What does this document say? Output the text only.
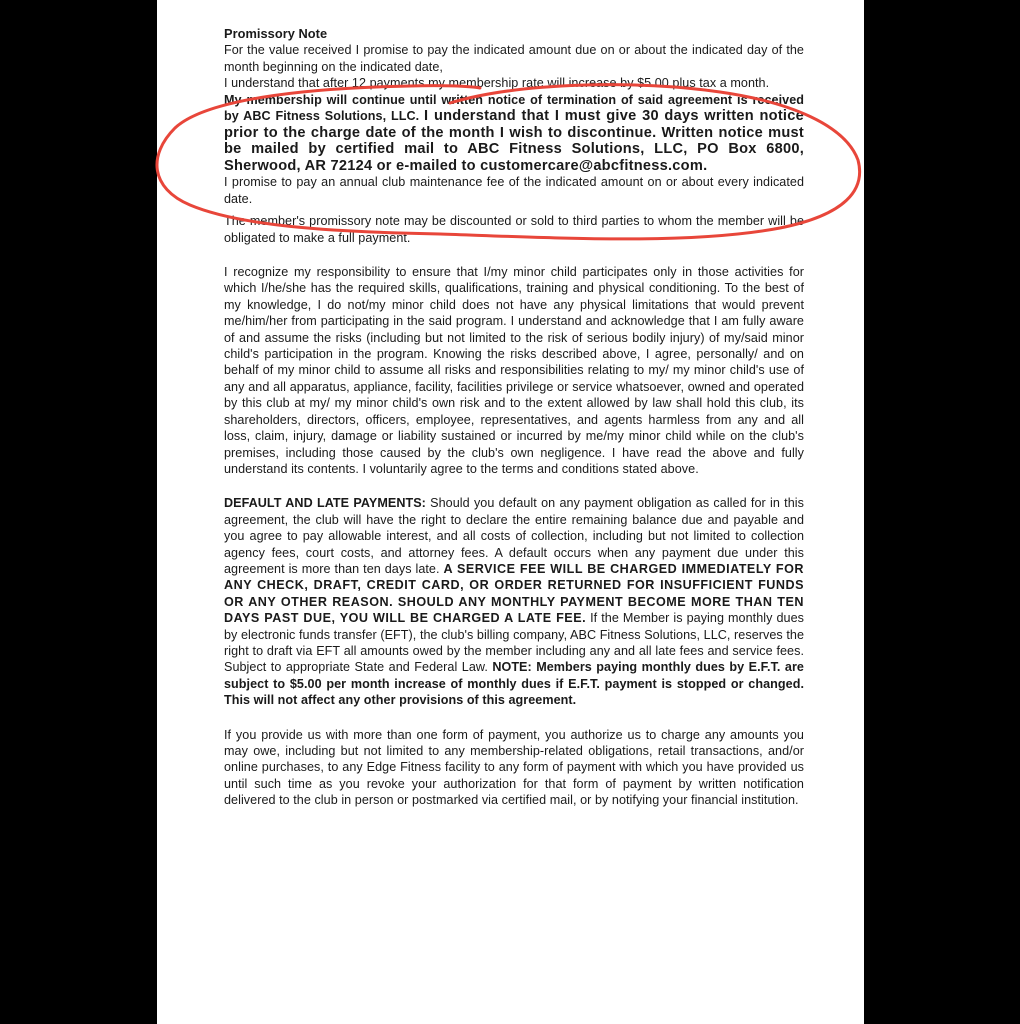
Promissory Note

For the value received I promise to pay the indicated amount due on or about the indicated day of the month beginning on the indicated date,

I understand that after 12 payments my membership rate will increase by $5.00 plus tax a month.

My membership will continue until written notice of termination of said agreement is received by ABC Fitness Solutions, LLC. I understand that I must give 30 days written notice prior to the charge date of the month I wish to discontinue. Written notice must be mailed by certified mail to ABC Fitness Solutions, LLC, PO Box 6800, Sherwood, AR 72124 or e-mailed to customercare@abcfitness.com.

I promise to pay an annual club maintenance fee of the indicated amount on or about every indicated date.

The member's promissory note may be discounted or sold to third parties to whom the member will be obligated to make a full payment.

I recognize my responsibility to ensure that I/my minor child participates only in those activities for which I/he/she has the required skills, qualifications, training and physical conditioning. To the best of my knowledge, I do not/my minor child does not have any physical limitations that would prevent me/him/her from participating in the said program. I understand and acknowledge that I am fully aware of and assume the risks (including but not limited to the risk of serious bodily injury) of my/said minor child's participation in the program. Knowing the risks described above, I agree, personally/ and on behalf of my minor child to assume all risks and responsibilities relating to my/ my minor child's use of any and all apparatus, appliance, facility, facilities privilege or service whatsoever, owned and operated by this club at my/ my minor child's own risk and to the extent allowed by law shall hold this club, its shareholders, directors, officers, employee, representatives, and agents harmless from any and all loss, claim, injury, damage or liability sustained or incurred by me/my minor child while on the club's premises, including those caused by the club's own negligence. I have read the above and fully understand its contents. I voluntarily agree to the terms and conditions stated above.

DEFAULT AND LATE PAYMENTS: Should you default on any payment obligation as called for in this agreement, the club will have the right to declare the entire remaining balance due and payable and you agree to pay allowable interest, and all costs of collection, including but not limited to collection agency fees, court costs, and attorney fees. A default occurs when any payment due under this agreement is more than ten days late. A SERVICE FEE WILL BE CHARGED IMMEDIATELY FOR ANY CHECK, DRAFT, CREDIT CARD, OR ORDER RETURNED FOR INSUFFICIENT FUNDS OR ANY OTHER REASON. SHOULD ANY MONTHLY PAYMENT BECOME MORE THAN TEN DAYS PAST DUE, YOU WILL BE CHARGED A LATE FEE. If the Member is paying monthly dues by electronic funds transfer (EFT), the club's billing company, ABC Fitness Solutions, LLC, reserves the right to draft via EFT all amounts owed by the member including any and all late fees and service fees. Subject to appropriate State and Federal Law. NOTE: Members paying monthly dues by E.F.T. are subject to $5.00 per month increase of monthly dues if E.F.T. payment is stopped or changed. This will not affect any other provisions of this agreement.

If you provide us with more than one form of payment, you authorize us to charge any amounts you may owe, including but not limited to any membership-related obligations, retail transactions, and/or online purchases, to any Edge Fitness facility to any form of payment with which you have provided us until such time as you revoke your authorization for that form of payment by written notification delivered to the club in person or postmarked via certified mail, or by notifying your financial institution.
